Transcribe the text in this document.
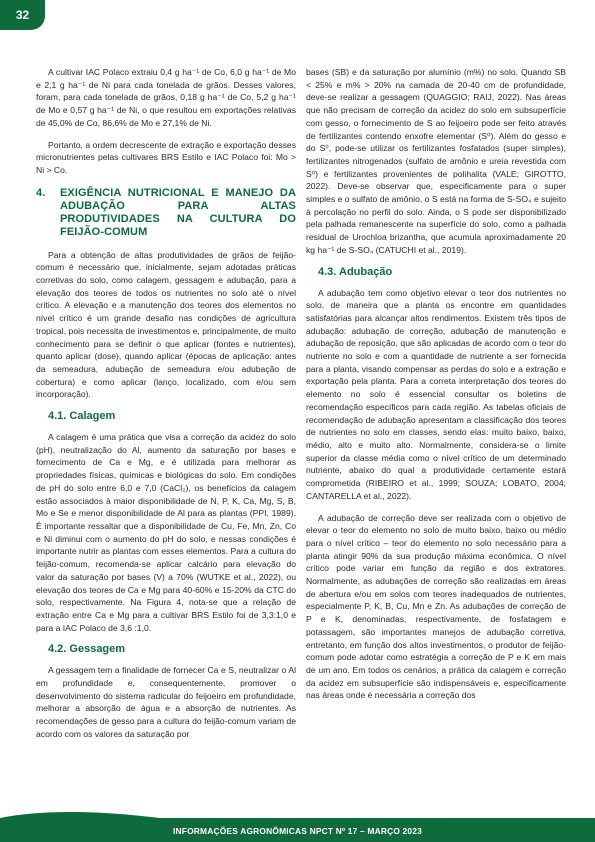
32

A cultivar IAC Polaco extraiu 0,4 g ha⁻¹ de Co, 6,0 g ha⁻¹ de Mo e 2,1 g ha⁻¹ de Ni para cada tonelada de grãos. Desses valores, foram, para cada tonelada de grãos, 0,18 g ha⁻¹ de Co, 5,2 g ha⁻¹ de Mo e 0,57 g ha⁻¹ de Ni, o que resultou em exportações relativas de 45,0% de Co, 86,6% de Mo e 27,1% de Ni.

Portanto, a ordem decrescente de extração e exportação desses micronutrientes pelas cultivares BRS Estilo e IAC Polaco foi: Mo > Ni > Co.

4. EXIGÊNCIA NUTRICIONAL E MANEJO DA ADUBAÇÃO PARA ALTAS PRODUTIVIDADES NA CULTURA DO FEIJÃO-COMUM

Para a obtenção de altas produtividades de grãos de feijão-comum é necessário que, inicialmente, sejam adotadas práticas corretivas do solo, como calagem, gessagem e adubação, para a elevação dos teores de todos os nutrientes no solo até o nível crítico. A elevação e a manutenção dos teores dos elementos no nível crítico é um grande desafio nas condições de agricultura tropical, pois necessita de investimentos e, principalmente, de muito conhecimento para se definir o que aplicar (fontes e nutrientes), quanto aplicar (dose), quando aplicar (épocas de aplicação: antes da semeadura, adubação de semeadura e/ou adubação de cobertura) e como aplicar (lanço, localizado, com e/ou sem incorporação).

4.1. Calagem

A calagem é uma prática que visa a correção da acidez do solo (pH), neutralização do Al, aumento da saturação por bases e fornecimento de Ca e Mg, e é utilizada para melhorar as propriedades físicas, químicas e biológicas do solo. Em condições de pH do solo entre 6,0 e 7,0 (CaCl₂), os benefícios da calagem estão associados à maior disponibilidade de N, P, K, Ca, Mg, S, B, Mo e Se e menor disponibilidade de Al para as plantas (PPI, 1989). É importante ressaltar que a disponibilidade de Cu, Fe, Mn, Zn, Co e Ni diminui com o aumento do pH do solo, e nessas condições é importante nutrir as plantas com esses elementos. Para a cultura do feijão-comum, recomenda-se aplicar calcário para elevação do valor da saturação por bases (V) a 70% (WUTKE et al., 2022), ou elevação dos teores de Ca e Mg para 40-60% e 15-20% da CTC do solo, respectivamente. Na Figura 4, nota-se que a relação de extração entre Ca e Mg para a cultivar BRS Estilo foi de 3,3:1,0 e para a IAC Polaco de 3,6 :1,0.

4.2. Gessagem

A gessagem tem a finalidade de fornecer Ca e S, neutralizar o Al em profundidade e, consequentemente, promover o desenvolvimento do sistema radicular do feijoeiro em profundidade, melhorar a absorção de água e a absorção de nutrientes. As recomendações de gesso para a cultura do feijão-comum variam de acordo com os valores da saturação por

bases (SB) e da saturação por alumínio (m%) no solo. Quando SB < 25% e m% > 20% na camada de 20-40 cm de profundidade, deve-se realizar a gessagem (QUAGGIO; RAIJ, 2022). Nas áreas que não precisam de correção da acidez do solo em subsuperfície com gesso, o fornecimento de S ao feijoeiro pode ser feito através de fertilizantes contendo enxofre elementar (S⁰). Além do gesso e do S⁰, pode-se utilizar os fertilizantes fosfatados (super simples), fertilizantes nitrogenados (sulfato de amônio e ureia revestida com S⁰) e fertilizantes provenientes de polihalita (VALE; GIROTTO, 2022). Deve-se observar que, especificamente para o super simples e o sulfato de amônio, o S está na forma de S-SO₄ e sujeito à percolação no perfil do solo. Ainda, o S pode ser disponibilizado pela palhada remanescente na superfície do solo, como a palhada residual de Urochloa brizantha, que acumula aproximadamente 20 kg ha⁻¹ de S-SO₄ (CATUCHI et al., 2019).

4.3. Adubação

A adubação tem como objetivo elevar o teor dos nutrientes no solo, de maneira que a planta os encontre em quantidades satisfatórias para alcançar altos rendimentos. Existem três tipos de adubação: adubação de correção, adubação de manutenção e adubação de reposição, que são aplicadas de acordo com o teor do nutriente no solo e com a quantidade de nutriente a ser fornecida para a planta, visando compensar as perdas do solo e a extração e exportação pela planta. Para a correta interpretação dos teores do elemento no solo é essencial consultar os boletins de recomendação específicos para cada região. As tabelas oficiais de recomendação de adubação apresentam a classificação dos teores de nutrientes no solo em classes, sendo elas: muito baixo, baixo, médio, alto e muito alto. Normalmente, considera-se o limite superior da classe média como o nível crítico de um determinado nutriente, abaixo do qual a produtividade certamente estará comprometida (RIBEIRO et al., 1999; SOUZA; LOBATO, 2004; CANTARELLA et al., 2022).

A adubação de correção deve ser realizada com o objetivo de elevar o teor do elemento no solo de muito baixo, baixo ou médio para o nível crítico – teor do elemento no solo necessário para a planta atingir 90% da sua produção máxima econômica. O nível crítico pode variar em função da região e dos extratores. Normalmente, as adubações de correção são realizadas em áreas de abertura e/ou em solos com teores inadequados de nutrientes, especialmente P, K, B, Cu, Mn e Zn. As adubações de correção de P e K, denominadas, respectivamente, de fosfatagem e potassagem, são importantes manejos de adubação corretiva, entretanto, em função dos altos investimentos, o produtor de feijão-comum pode adotar como estratégia a correção de P e K em mais de um ano. Em todos os cenários, a prática da calagem e correção da acidez em subsuperfície são indispensáveis e, especificamente nas áreas onde é necessária a correção dos

INFORMAÇÕES AGRONÔMICAS NPCT Nº 17 – MARÇO 2023
